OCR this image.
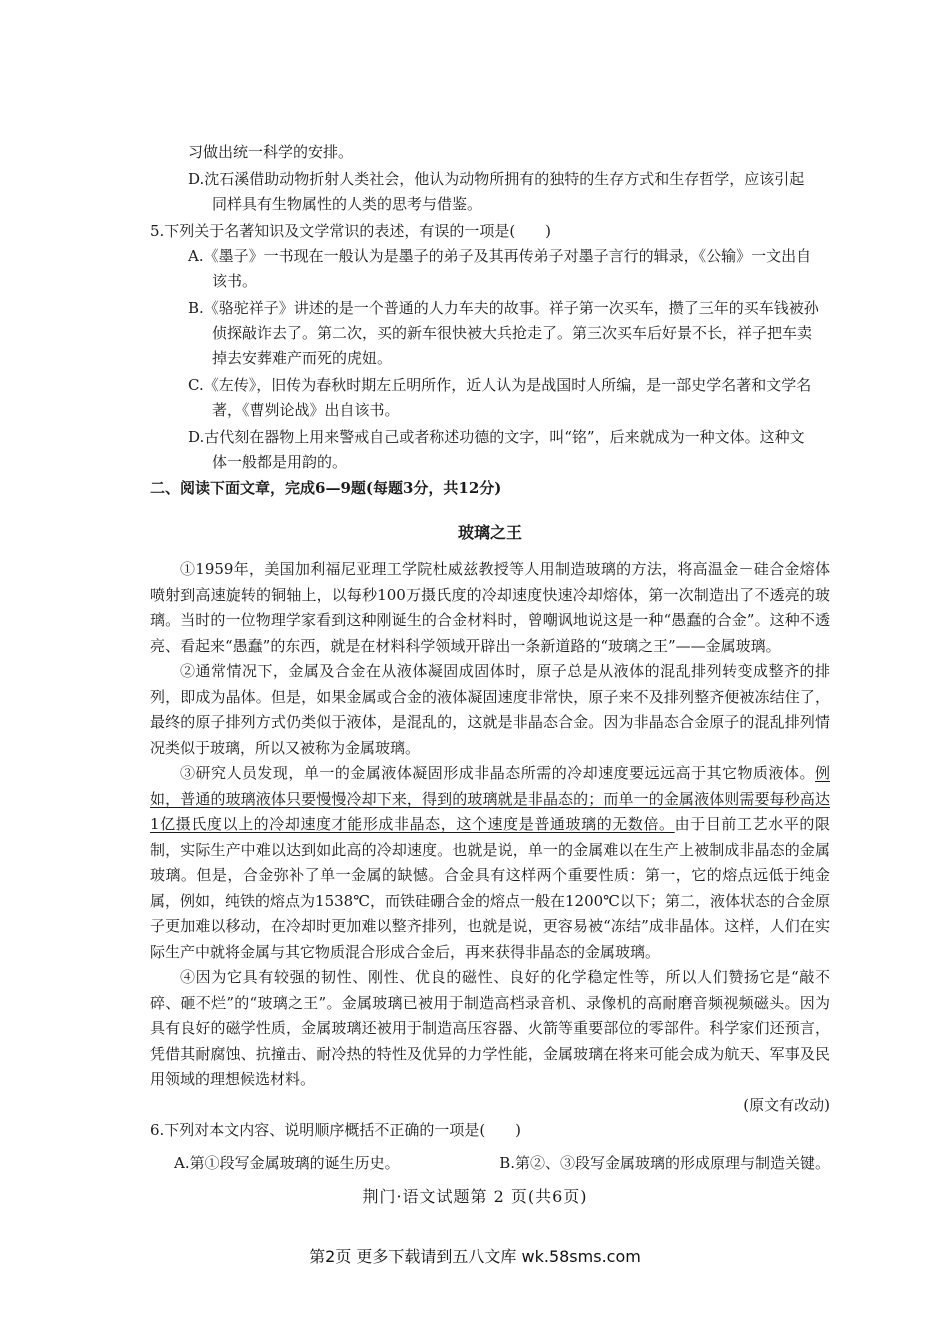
习做出统一科学的安排。
D.沈石溪借助动物折射人类社会，他认为动物所拥有的独特的生存方式和生存哲学，应该引起
同样具有生物属性的人类的思考与借鉴。
5.下列关于名著知识及文学常识的表述，有误的一项是(　　)
A.《墨子》一书现在一般认为是墨子的弟子及其再传弟子对墨子言行的辑录，《公输》一文出自
该书。
B.《骆驼祥子》讲述的是一个普通的人力车夫的故事。祥子第一次买车，攒了三年的买车钱被孙
侦探敲诈去了。第二次，买的新车很快被大兵抢走了。第三次买车后好景不长，祥子把车卖
掉去安葬难产而死的虎妞。
C.《左传》，旧传为春秋时期左丘明所作，近人认为是战国时人所编，是一部史学名著和文学名
著，《曹刿论战》出自该书。
D.古代刻在器物上用来警戒自己或者称述功德的文字，叫“铭”，后来就成为一种文体。这种文
体一般都是用韵的。
二、阅读下面文章，完成6—9题(每题3分，共12分)
玻璃之王

①1959年，美国加利福尼亚理工学院杜威兹教授等人用制造玻璃的方法，将高温金－硅合金熔体喷射到高速旋转的铜轴上，以每秒100万摄氏度的冷却速度快速冷却熔体，第一次制造出了不透亮的玻璃。当时的一位物理学家看到这种刚诞生的合金材料时，曾嘲讽地说这是一种“愚蠢的合金”。这种不透亮、看起来“愚蠢”的东西，就是在材料科学领域开辟出一条新道路的“玻璃之王”——金属玻璃。

②通常情况下，金属及合金在从液体凝固成固体时，原子总是从液体的混乱排列转变成整齐的排列，即成为晶体。但是，如果金属或合金的液体凝固速度非常快，原子来不及排列整齐便被冻结住了，最终的原子排列方式仍类似于液体，是混乱的，这就是非晶态合金。因为非晶态合金原子的混乱排列情况类似于玻璃，所以又被称为金属玻璃。

③研究人员发现，单一的金属液体凝固形成非晶态所需的冷却速度要远远高于其它物质液体。例如，普通的玻璃液体只要慢慢冷却下来，得到的玻璃就是非晶态的；而单一的金属液体则需要每秒高达1亿摄氏度以上的冷却速度才能形成非晶态，这个速度是普通玻璃的无数倍。由于目前工艺水平的限制，实际生产中难以达到如此高的冷却速度。也就是说，单一的金属难以在生产上被制成非晶态的金属玻璃。但是，合金弥补了单一金属的缺憾。合金具有这样两个重要性质：第一，它的熔点远低于纯金属，例如，纯铁的熔点为1538℃，而铁硅硼合金的熔点一般在1200℃以下；第二，液体状态的合金原子更加难以移动，在冷却时更加难以整齐排列，也就是说，更容易被“冻结”成非晶体。这样，人们在实际生产中就将金属与其它物质混合形成合金后，再来获得非晶态的金属玻璃。

④因为它具有较强的韧性、刚性、优良的磁性、良好的化学稳定性等，所以人们赞扬它是“敲不碎、砸不烂”的“玻璃之王”。金属玻璃已被用于制造高档录音机、录像机的高耐磨音频视频磁头。因为具有良好的磁学性质，金属玻璃还被用于制造高压容器、火箭等重要部位的零部件。科学家们还预言，凭借其耐腐蚀、抗撞击、耐冷热的特性及优异的力学性能，金属玻璃在将来可能会成为航天、军事及民用领域的理想候选材料。

(原文有改动)
6.下列对本文内容、说明顺序概括不正确的一项是(　　)
A.第①段写金属玻璃的诞生历史。	B.第②、③段写金属玻璃的形成原理与制造关键。
荆门·语文试题第 2 页(共6页)
第2页 更多下载请到五八文库 wk.58sms.com
